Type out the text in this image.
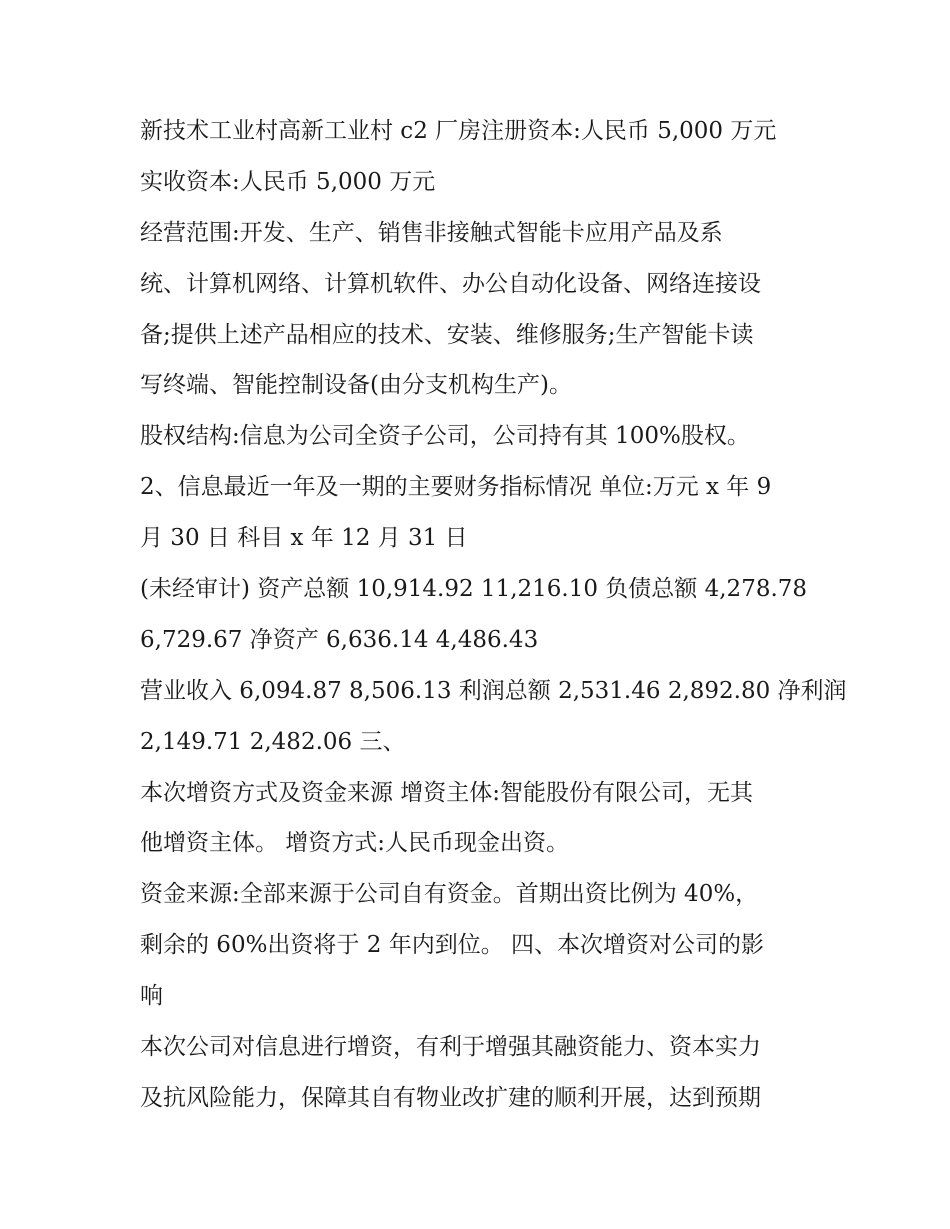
新技术工业村高新工业村 c2 厂房注册资本:人民币 5,000 万元
实收资本:人民币 5,000 万元
经营范围:开发、生产、销售非接触式智能卡应用产品及系
统、计算机网络、计算机软件、办公自动化设备、网络连接设
备;提供上述产品相应的技术、安装、维修服务;生产智能卡读
写终端、智能控制设备(由分支机构生产)。
股权结构:信息为公司全资子公司，公司持有其 100%股权。
2、信息最近一年及一期的主要财务指标情况 单位:万元 x 年 9
月 30 日 科目 x 年 12 月 31 日
(未经审计) 资产总额 10,914.92 11,216.10 负债总额 4,278.78
6,729.67 净资产 6,636.14 4,486.43
营业收入 6,094.87 8,506.13 利润总额 2,531.46 2,892.80 净利润
2,149.71 2,482.06 三、
本次增资方式及资金来源 增资主体:智能股份有限公司，无其
他增资主体。 增资方式:人民币现金出资。
资金来源:全部来源于公司自有资金。首期出资比例为 40%，
剩余的 60%出资将于 2 年内到位。 四、本次增资对公司的影
响
本次公司对信息进行增资，有利于增强其融资能力、资本实力
及抗风险能力，保障其自有物业改扩建的顺利开展，达到预期
